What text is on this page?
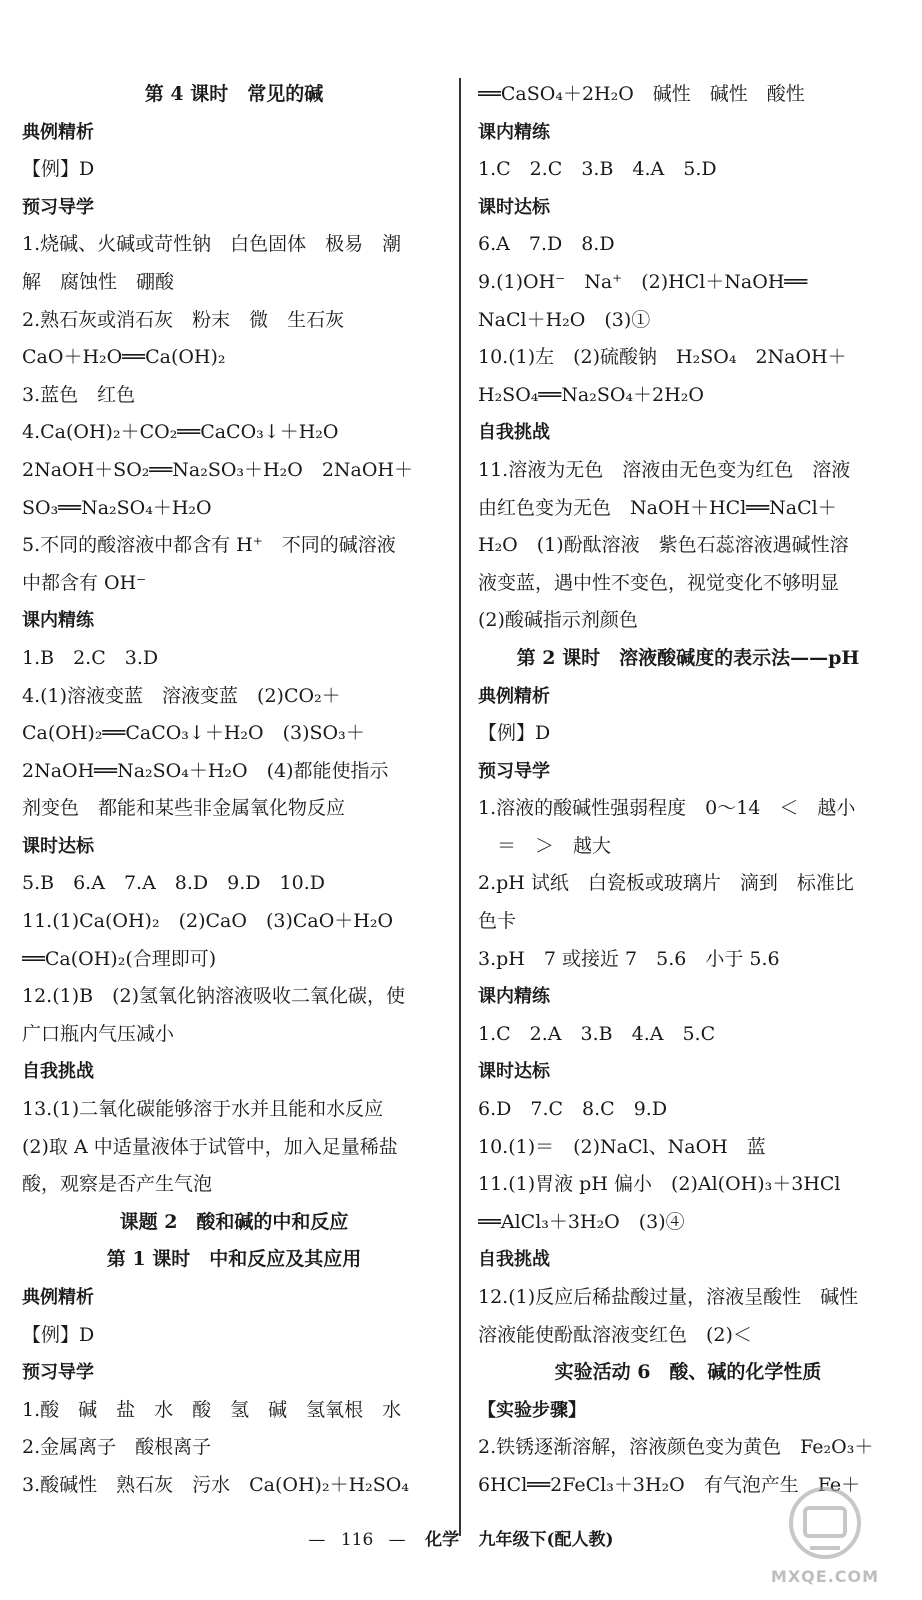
第 4 课时　常见的碱
典例精析
【例】D
预习导学
1.烧碱、火碱或苛性钠　白色固体　极易　潮
解　腐蚀性　硼酸
2.熟石灰或消石灰　粉末　微　生石灰
CaO＋H₂O══Ca(OH)₂
3.蓝色　红色
4.Ca(OH)₂＋CO₂══CaCO₃↓＋H₂O
2NaOH＋SO₂══Na₂SO₃＋H₂O　2NaOH＋
SO₃══Na₂SO₄＋H₂O
5.不同的酸溶液中都含有 H⁺　不同的碱溶液
中都含有 OH⁻
课内精练
1.B　2.C　3.D
4.(1)溶液变蓝　溶液变蓝　(2)CO₂＋
Ca(OH)₂══CaCO₃↓＋H₂O　(3)SO₃＋
2NaOH══Na₂SO₄＋H₂O　(4)都能使指示
剂变色　都能和某些非金属氧化物反应
课时达标
5.B　6.A　7.A　8.D　9.D　10.D
11.(1)Ca(OH)₂　(2)CaO　(3)CaO＋H₂O
══Ca(OH)₂(合理即可)
12.(1)B　(2)氢氧化钠溶液吸收二氧化碳，使
广口瓶内气压减小
自我挑战
13.(1)二氧化碳能够溶于水并且能和水反应
(2)取 A 中适量液体于试管中，加入足量稀盐
酸，观察是否产生气泡
课题 2　酸和碱的中和反应
第 1 课时　中和反应及其应用
典例精析
【例】D
预习导学
1.酸　碱　盐　水　酸　氢　碱　氢氧根　水
2.金属离子　酸根离子
3.酸碱性　熟石灰　污水　Ca(OH)₂＋H₂SO₄
══CaSO₄＋2H₂O　碱性　碱性　酸性
课内精练
1.C　2.C　3.B　4.A　5.D
课时达标
6.A　7.D　8.D
9.(1)OH⁻　Na⁺　(2)HCl＋NaOH══
NaCl＋H₂O　(3)①
10.(1)左　(2)硫酸钠　H₂SO₄　2NaOH＋
H₂SO₄══Na₂SO₄＋2H₂O
自我挑战
11.溶液为无色　溶液由无色变为红色　溶液
由红色变为无色　NaOH＋HCl══NaCl＋
H₂O　(1)酚酞溶液　紫色石蕊溶液遇碱性溶
液变蓝，遇中性不变色，视觉变化不够明显
(2)酸碱指示剂颜色
第 2 课时　溶液酸碱度的表示法——pH
典例精析
【例】D
预习导学
1.溶液的酸碱性强弱程度　0～14　＜　越小
　＝　＞　越大
2.pH 试纸　白瓷板或玻璃片　滴到　标准比
色卡
3.pH　7 或接近 7　5.6　小于 5.6
课内精练
1.C　2.A　3.B　4.A　5.C
课时达标
6.D　7.C　8.C　9.D
10.(1)＝　(2)NaCl、NaOH　蓝
11.(1)胃液 pH 偏小　(2)Al(OH)₃＋3HCl
══AlCl₃＋3H₂O　(3)④
自我挑战
12.(1)反应后稀盐酸过量，溶液呈酸性　碱性
溶液能使酚酞溶液变红色　(2)＜
实验活动 6　酸、碱的化学性质
【实验步骤】
2.铁锈逐渐溶解，溶液颜色变为黄色　Fe₂O₃＋
6HCl══2FeCl₃＋3H₂O　有气泡产生　Fe＋
— 116 — 化学 九年级下(配人教)
MXQE.COM
